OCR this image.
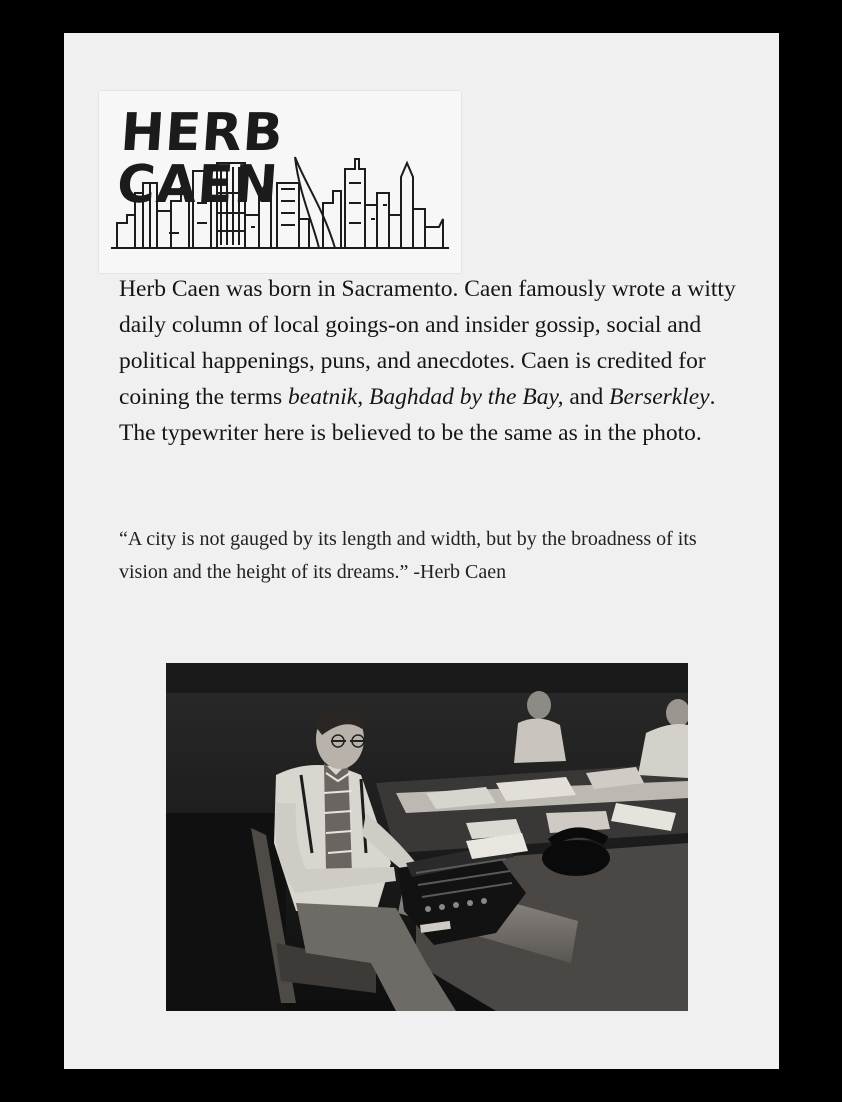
HERB CAEN

Herb Caen was born in Sacramento. Caen famously wrote a witty daily column of local goings-on and insider gossip, social and political happenings, puns, and anecdotes. Caen is credited for coining the terms beatnik, Baghdad by the Bay, and Berserkley. The typewriter here is believed to be the same as in the photo.

“A city is not gauged by its length and width, but by the broadness of its vision and the height of its dreams.” -Herb Caen
